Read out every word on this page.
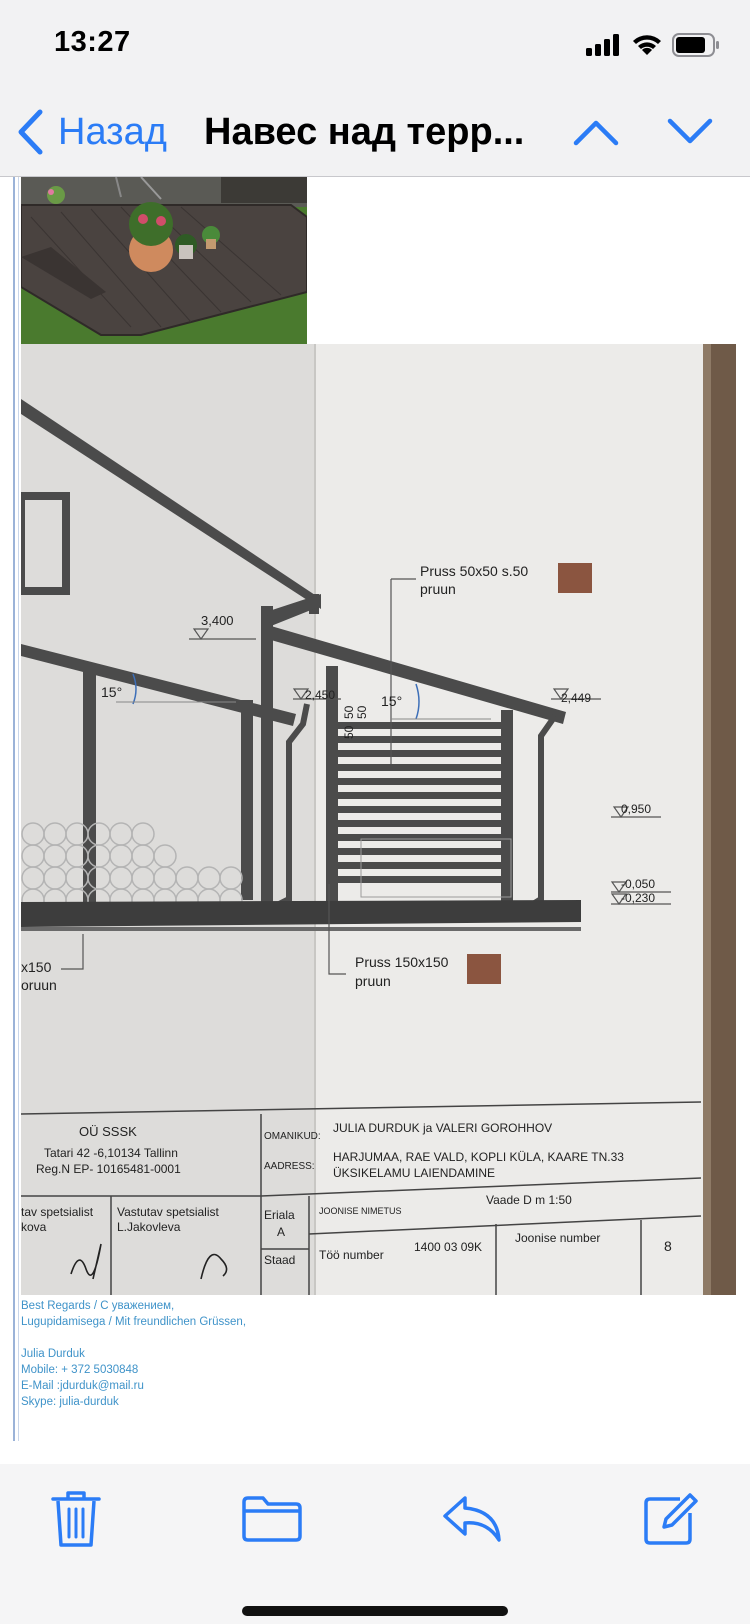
13:27
Назад Навес над терр...
Pruss 50x50 s.50
pruun
Pruss 150x150
pruun
x150
oruun
3,400
2,450	2,449
0,950
-0,050
-0,230
15°
15°
50
50 50
OÜ SSSK
Tatari 42 -6,10134 Tallinn
Reg.N EP- 10165481-0001
OMANIKUD:
JULIA DURDUK ja VALERI GOROHHOV
AADRESS:
HARJUMAA, RAE VALD, KOPLI KÜLA, KAARE TN.33
ÜKSIKELAMU LAIENDAMINE
tav spetsialist
kova
Vastutav spetsialist
L.Jakovleva
Eriala
A
Staad
JOONISE NIMETUS
Vaade D m 1:50
Töö number
1400 03 09K
Joonise number	8
Best Regards / С уважением,
Lugupidamisega / Mit freundlichen Grüssen,
Julia Durduk
Mobile: + 372 5030848
E-Mail :jdurduk@mail.ru
Skype: julia-durduk
